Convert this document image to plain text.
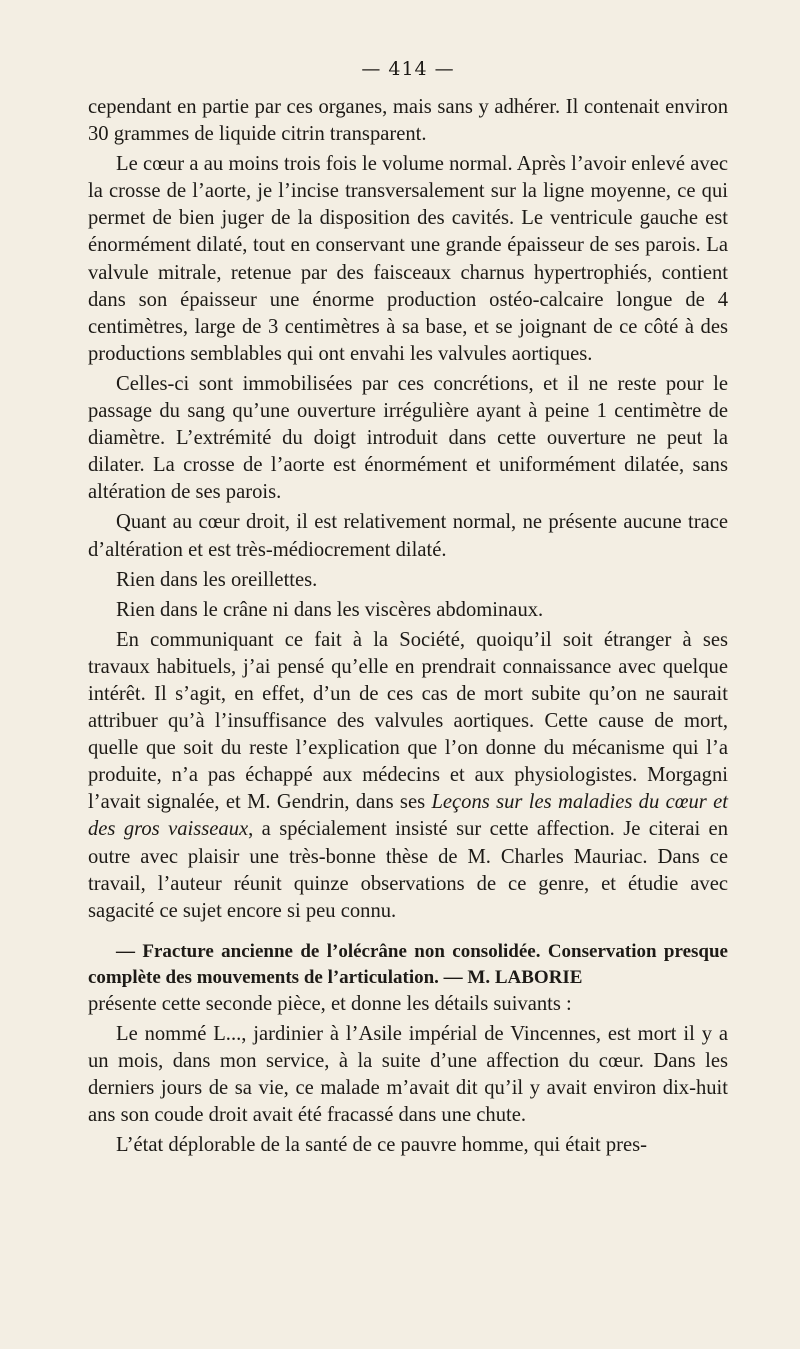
— 414 —

cependant en partie par ces organes, mais sans y adhérer. Il contenait environ 30 grammes de liquide citrin transparent.

Le cœur a au moins trois fois le volume normal. Après l’avoir enlevé avec la crosse de l’aorte, je l’incise transversalement sur la ligne moyenne, ce qui permet de bien juger de la disposition des cavités. Le ventricule gauche est énormément dilaté, tout en conservant une grande épaisseur de ses parois. La valvule mitrale, retenue par des faisceaux charnus hypertrophiés, contient dans son épaisseur une énorme production ostéo-calcaire longue de 4 centimètres, large de 3 centimètres à sa base, et se joignant de ce côté à des productions semblables qui ont envahi les valvules aortiques.

Celles-ci sont immobilisées par ces concrétions, et il ne reste pour le passage du sang qu’une ouverture irrégulière ayant à peine 1 centimètre de diamètre. L’extrémité du doigt introduit dans cette ouverture ne peut la dilater. La crosse de l’aorte est énormément et uniformément dilatée, sans altération de ses parois.

Quant au cœur droit, il est relativement normal, ne présente aucune trace d’altération et est très-médiocrement dilaté.

Rien dans les oreillettes.

Rien dans le crâne ni dans les viscères abdominaux.

En communiquant ce fait à la Société, quoiqu’il soit étranger à ses travaux habituels, j’ai pensé qu’elle en prendrait connaissance avec quelque intérêt. Il s’agit, en effet, d’un de ces cas de mort subite qu’on ne saurait attribuer qu’à l’insuffisance des valvules aortiques. Cette cause de mort, quelle que soit du reste l’explication que l’on donne du mécanisme qui l’a produite, n’a pas échappé aux médecins et aux physiologistes. Morgagni l’avait signalée, et M. Gendrin, dans ses Leçons sur les maladies du cœur et des gros vaisseaux, a spécialement insisté sur cette affection. Je citerai en outre avec plaisir une très-bonne thèse de M. Charles Mauriac. Dans ce travail, l’auteur réunit quinze observations de ce genre, et étudie avec sagacité ce sujet encore si peu connu.

— Fracture ancienne de l’olécrâne non consolidée. Conservation presque complète des mouvements de l’articulation. — M. LABORIE

présente cette seconde pièce, et donne les détails suivants :

Le nommé L..., jardinier à l’Asile impérial de Vincennes, est mort il y a un mois, dans mon service, à la suite d’une affection du cœur. Dans les derniers jours de sa vie, ce malade m’avait dit qu’il y avait environ dix-huit ans son coude droit avait été fracassé dans une chute.

L’état déplorable de la santé de ce pauvre homme, qui était pres-
